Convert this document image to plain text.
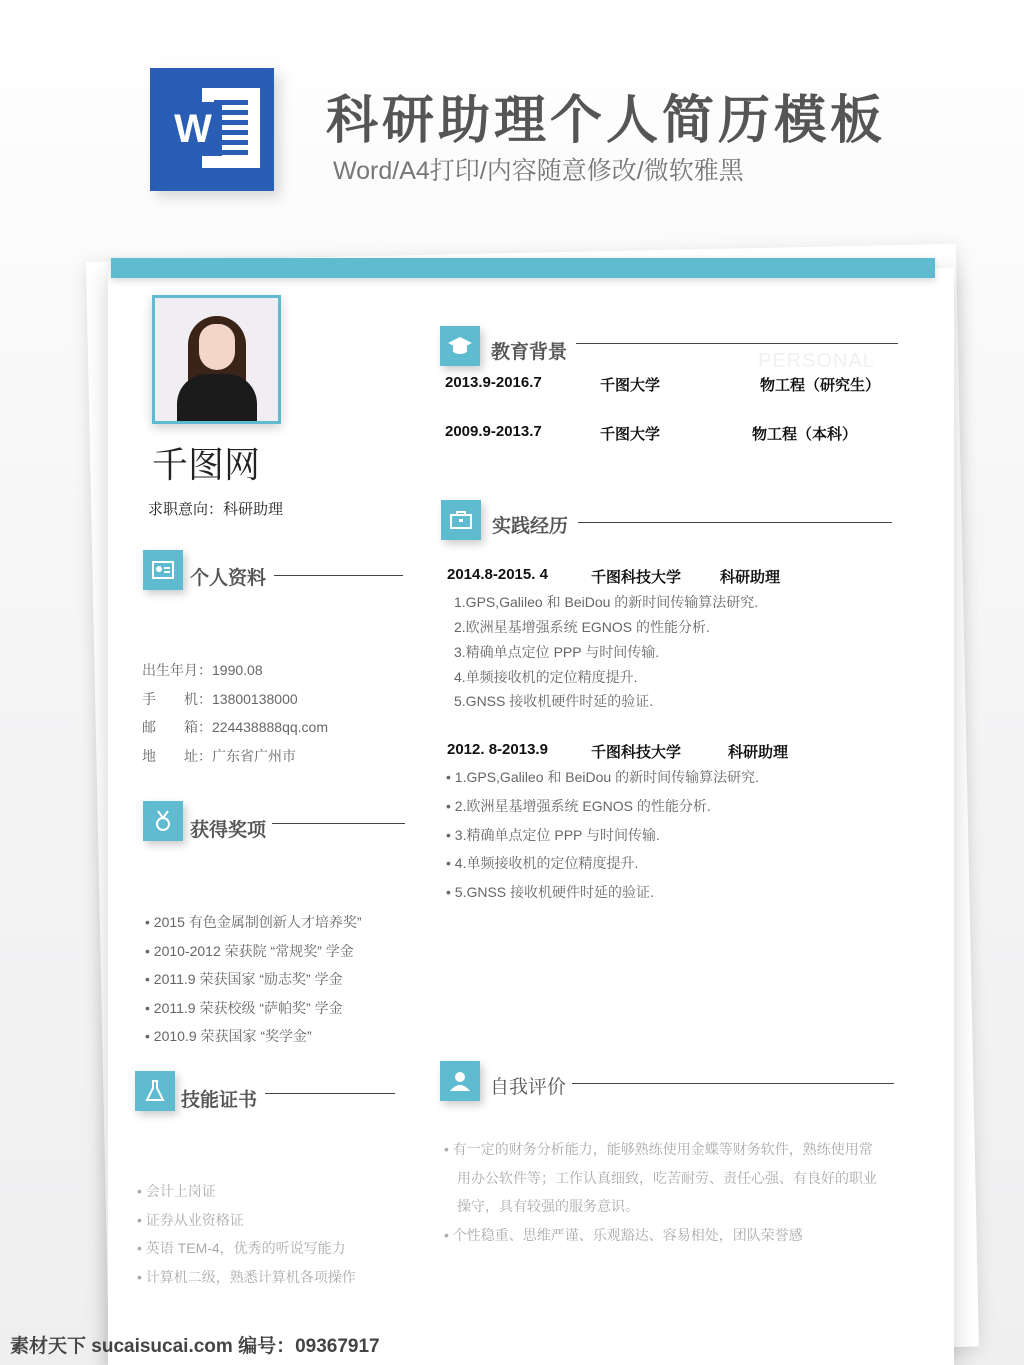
W 科研助理个人简历模板
Word/A4打印/内容随意修改/微软雅黑
PERSONAL
千图网
求职意向：科研助理
个人资料
出生年月：1990.08
手　　机：13800138000
邮　　箱：224438888qq.com
地　　址：广东省广州市
获得奖项
• 2015 有色金属制创新人才培养奖”
• 2010-2012 荣获院 “常规奖” 学金
• 2011.9 荣获国家 “励志奖” 学金
• 2011.9 荣获校级 “萨帕奖” 学金
• 2010.9 荣获国家 “奖学金”
技能证书
• 会计上岗证
• 证券从业资格证
• 英语 TEM-4，优秀的听说写能力
• 计算机二级，熟悉计算机各项操作
教育背景
2013.9-2016.7	千图大学	物工程（研究生）
2009.9-2013.7	千图大学	物工程（本科）
实践经历
2014.8-2015. 4	千图科技大学	科研助理
1.GPS,Galileo 和 BeiDou 的新时间传输算法研究.
2.欧洲星基增强系统 EGNOS 的性能分析.
3.精确单点定位 PPP 与时间传输.
4.单频接收机的定位精度提升.
5.GNSS 接收机硬件时延的验证.
2012. 8-2013.9	千图科技大学	科研助理
• 1.GPS,Galileo 和 BeiDou 的新时间传输算法研究.
• 2.欧洲星基增强系统 EGNOS 的性能分析.
• 3.精确单点定位 PPP 与时间传输.
• 4.单频接收机的定位精度提升.
• 5.GNSS 接收机硬件时延的验证.
自我评价
• 有一定的财务分析能力，能够熟练使用金蝶等财务软件，熟练使用常
用办公软件等；工作认真细致，吃苦耐劳、责任心强、有良好的职业
操守，具有较强的服务意识。
• 个性稳重、思维严谨、乐观豁达、容易相处，团队荣誉感
素材天下 sucaisucai.com 编号：09367917
